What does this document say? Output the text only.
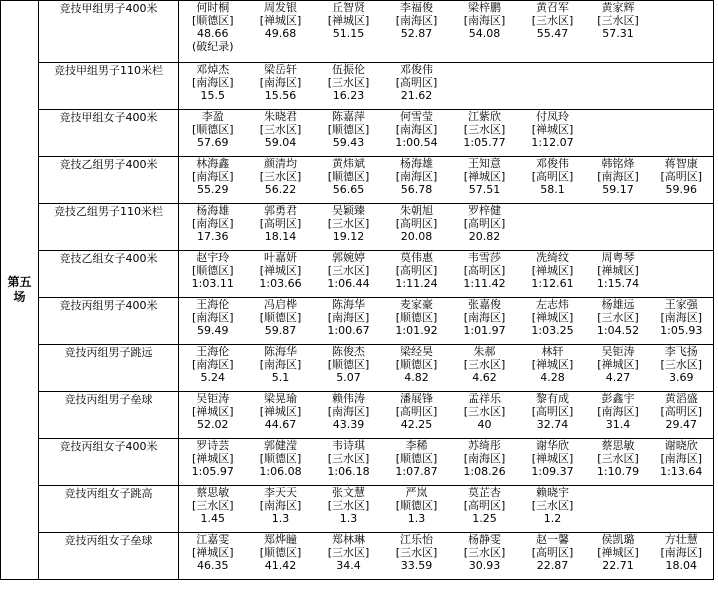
第五场	竞技甲组男子400米	何时桐
[顺德区]
48.66
(破纪录)	周发银
[禅城区]
49.68	丘智贤
[禅城区]
51.15	李福俊
[南海区]
52.87	梁梓鹏
[南海区]
54.08	黄召军
[三水区]
55.47	黄家辉
[三水区]
57.31	

	竞技甲组男子110米栏	邓焯杰
[南海区]
15.5	梁岳轩
[南海区]
15.56	伍振伦
[三水区]
16.23	邓俊伟
[高明区]
21.62				

	竞技甲组女子400米	李盈
[顺德区]
57.69	朱晓君
[三水区]
59.04	陈嘉萍
[顺德区]
59.43	何雪莹
[南海区]
1:00.54	江紫欣
[三水区]
1:05.77	付凤玲
[禅城区]
1:12.07		

	竞技乙组男子400米	林海鑫
[南海区]
55.29	颜清均
[三水区]
56.22	黄炜斌
[顺德区]
56.65	杨海雄
[南海区]
56.78	王知意
[禅城区]
57.51	邓俊伟
[高明区]
58.1	韩铭烽
[南海区]
59.17	蒋智康
[高明区]
59.96

	竞技乙组男子110米栏	杨海雄
[南海区]
17.36	郭勇君
[高明区]
18.14	吴颖臻
[三水区]
19.12	朱朝旭
[高明区]
20.08	罗梓健
[高明区]
20.82			

	竞技乙组女子400米	赵宇玲
[顺德区]
1:03.11	叶嘉妍
[禅城区]
1:03.66	郭婉婷
[三水区]
1:06.44	莫伟惠
[高明区]
1:11.24	韦雪莎
[高明区]
1:11.42	冼绮纹
[禅城区]
1:12.61	周粤琴
[禅城区]
1:15.74	

	竞技丙组男子400米	王海伦
[南海区]
59.49	冯启桦
[顺德区]
59.87	陈海华
[南海区]
1:00.67	麦家豪
[顺德区]
1:01.92	张嘉俊
[南海区]
1:01.97	左志炜
[禅城区]
1:03.25	杨雄远
[三水区]
1:04.52	王家强
[南海区]
1:05.93

	竞技丙组男子跳远	王海伦
[南海区]
5.24	陈海华
[南海区]
5.1	陈俊杰
[顺德区]
5.07	梁经昊
[顺德区]
4.82	朱郝
[三水区]
4.62	林轩
[禅城区]
4.28	吴钜涛
[禅城区]
4.27	李飞扬
[三水区]
3.69

	竞技丙组男子垒球	吴钜涛
[禅城区]
52.02	梁晃瑜
[禅城区]
44.67	赖伟涛
[南海区]
43.39	潘展锋
[高明区]
42.25	孟祥乐
[三水区]
40	黎有成
[高明区]
32.74	彭鑫宇
[南海区]
31.4	黄滔盛
[高明区]
29.47

	竞技丙组女子400米	罗诗芸
[禅城区]
1:05.97	郭健滢
[顺德区]
1:06.08	韦诗琪
[三水区]
1:06.18	李稀
[顺德区]
1:07.87	苏绮彤
[南海区]
1:08.26	谢华欣
[禅城区]
1:09.37	蔡思敏
[三水区]
1:10.79	谢晓欣
[南海区]
1:13.64

	竞技丙组女子跳高	蔡思敏
[三水区]
1.45	李天天
[南海区]
1.3	张文慧
[三水区]
1.3	严岚
[顺德区]
1.3	莫芷杏
[高明区]
1.25	赖晓宇
[三水区]
1.2		

	竞技丙组女子垒球	江嘉雯
[禅城区]
46.35	郑烨瞳
[顺德区]
41.42	郑林琳
[三水区]
34.4	江乐怡
[三水区]
33.59	杨静雯
[三水区]
30.93	赵一馨
[高明区]
22.87	侯凯璐
[禅城区]
22.71	方壮慧
[南海区]
18.04
